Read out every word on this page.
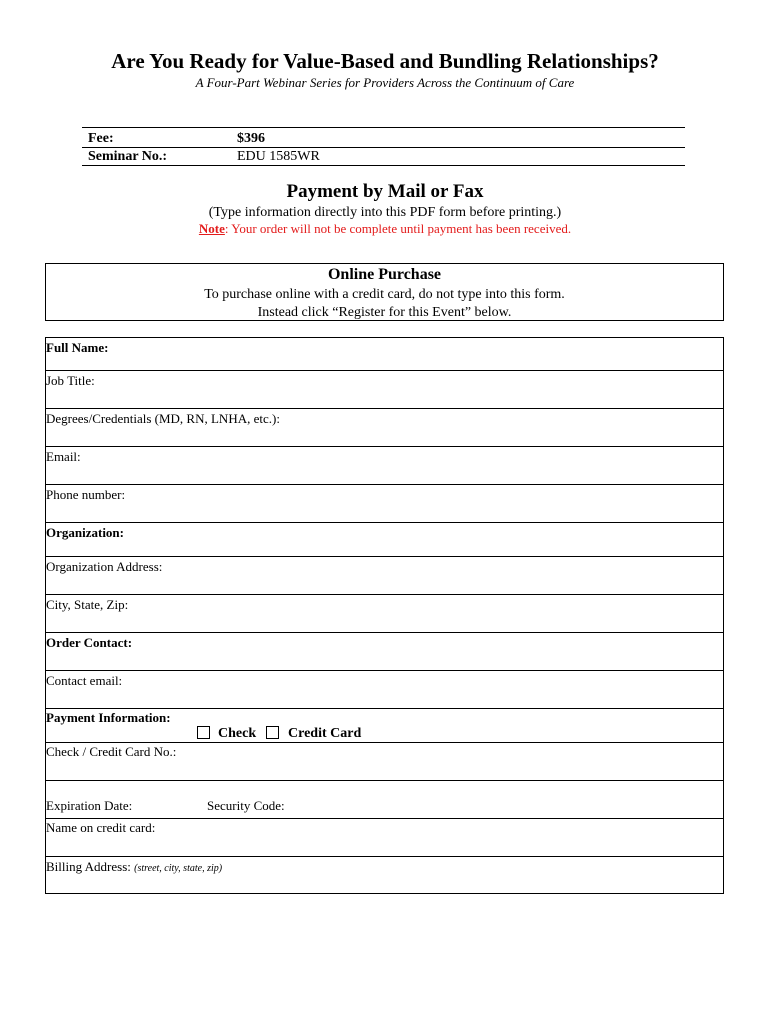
Are You Ready for Value-Based and Bundling Relationships?
A Four-Part Webinar Series for Providers Across the Continuum of Care
Fee:	$396
Seminar No.:	EDU 1585WR
Payment by Mail or Fax
(Type information directly into this PDF form before printing.)
Note: Your order will not be complete until payment has been received.
Online Purchase
To purchase online with a credit card, do not type into this form.
Instead click “Register for this Event” below.
Full Name:
Job Title:
Degrees/Credentials (MD, RN, LNHA, etc.):
Email:
Phone number:
Organization:
Organization Address:
City, State, Zip:
Order Contact:
Contact email:
Payment Information:
Check Credit Card
Check / Credit Card No.:
Expiration Date:	Security Code:
Name on credit card:
Billing Address: (street, city, state, zip)
